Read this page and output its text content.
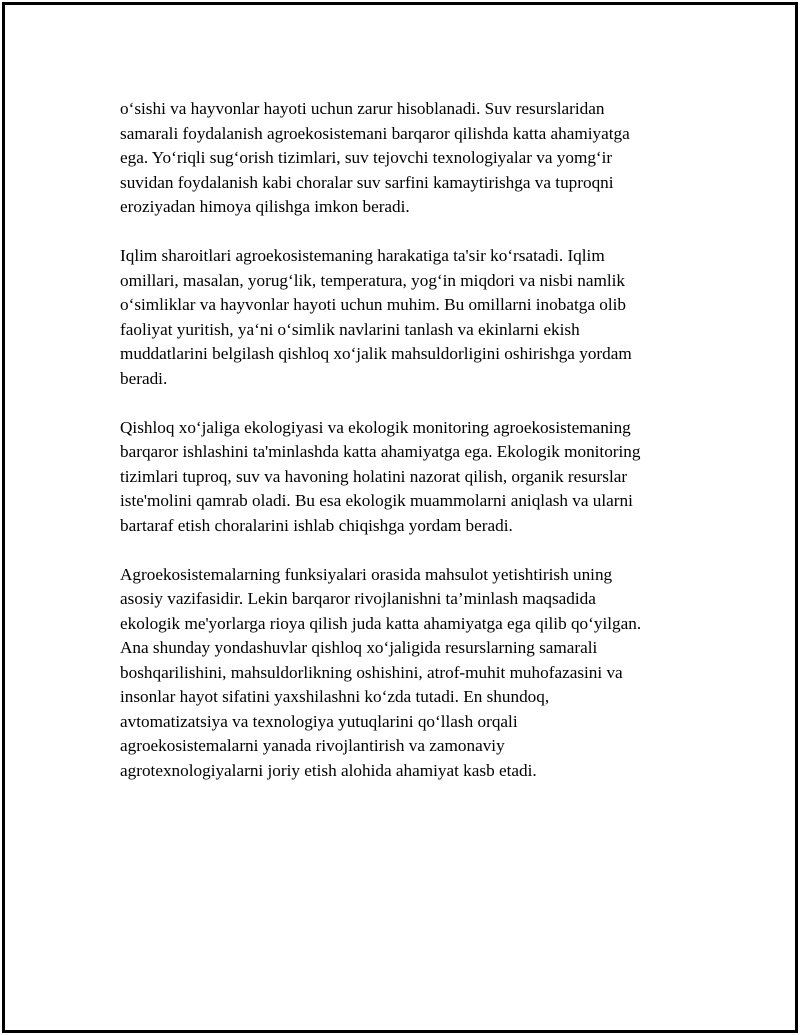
o‘sishi va hayvonlar hayoti uchun zarur hisoblanadi. Suv resurslaridan
samarali foydalanish agroekosistemani barqaror qilishda katta ahamiyatga
ega. Yo‘riqli sug‘orish tizimlari, suv tejovchi texnologiyalar va yomg‘ir
suvidan foydalanish kabi choralar suv sarfini kamaytirishga va tuproqni
eroziyadan himoya qilishga imkon beradi.
Iqlim sharoitlari agroekosistemaning harakatiga ta'sir ko‘rsatadi. Iqlim
omillari, masalan, yorug‘lik, temperatura, yog‘in miqdori va nisbi namlik
o‘simliklar va hayvonlar hayoti uchun muhim. Bu omillarni inobatga olib
faoliyat yuritish, ya‘ni o‘simlik navlarini tanlash va ekinlarni ekish
muddatlarini belgilash qishloq xo‘jalik mahsuldorligini oshirishga yordam
beradi.
Qishloq xo‘jaliga ekologiyasi va ekologik monitoring agroekosistemaning
barqaror ishlashini ta'minlashda katta ahamiyatga ega. Ekologik monitoring
tizimlari tuproq, suv va havoning holatini nazorat qilish, organik resurslar
iste'molini qamrab oladi. Bu esa ekologik muammolarni aniqlash va ularni
bartaraf etish choralarini ishlab chiqishga yordam beradi.
Agroekosistemalarning funksiyalari orasida mahsulot yetishtirish uning
asosiy vazifasidir. Lekin barqaror rivojlanishni ta’minlash maqsadida
ekologik me'yorlarga rioya qilish juda katta ahamiyatga ega qilib qo‘yilgan.
Ana shunday yondashuvlar qishloq xo‘jaligida resurslarning samarali
boshqarilishini, mahsuldorlikning oshishini, atrof-muhit muhofazasini va
insonlar hayot sifatini yaxshilashni ko‘zda tutadi. En shundoq,
avtomatizatsiya va texnologiya yutuqlarini qo‘llash orqali
agroekosistemalarni yanada rivojlantirish va zamonaviy
agrotexnologiyalarni joriy etish alohida ahamiyat kasb etadi.
